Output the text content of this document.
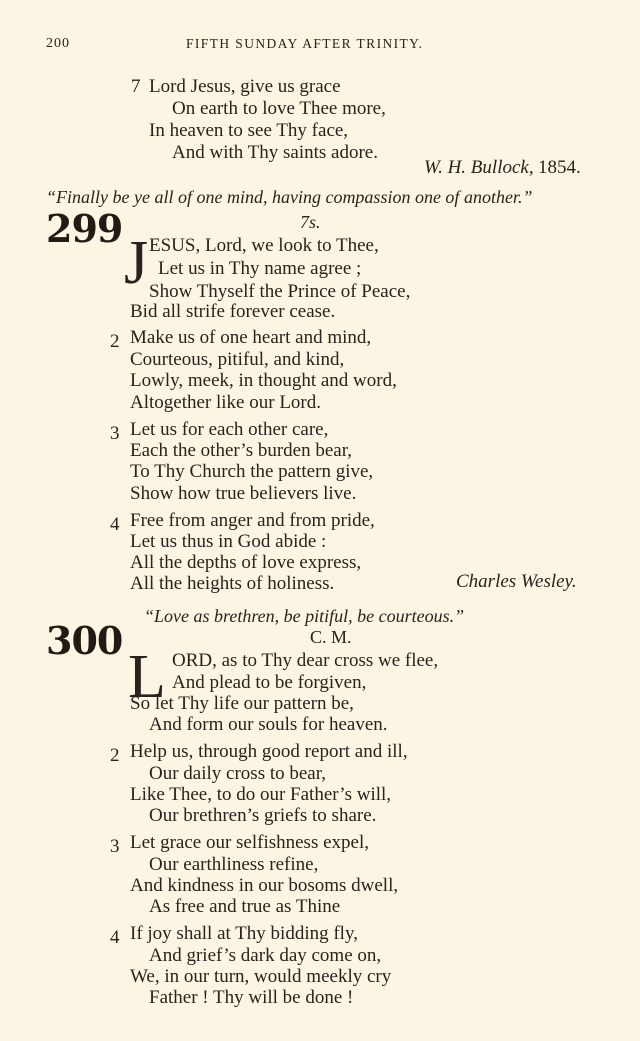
200	FIFTH SUNDAY AFTER TRINITY.
7 Lord Jesus, give us grace
On earth to love Thee more,
In heaven to see Thy face,
And with Thy saints adore.
W. H. Bullock, 1854.
“Finally be ye all of one mind, having compassion one of another.”
299	7s.
J ESUS, Lord, we look to Thee,
Let us in Thy name agree ;
Show Thyself the Prince of Peace,
Bid all strife forever cease.
2 Make us of one heart and mind,
Courteous, pitiful, and kind,
Lowly, meek, in thought and word,
Altogether like our Lord.
3 Let us for each other care,
Each the other’s burden bear,
To Thy Church the pattern give,
Show how true believers live.
4 Free from anger and from pride,
Let us thus in God abide :
All the depths of love express,
All the heights of holiness.	Charles Wesley.
“Love as brethren, be pitiful, be courteous.”
300	C. M.
L ORD, as to Thy dear cross we flee,
And plead to be forgiven,
So let Thy life our pattern be,
And form our souls for heaven.
2 Help us, through good report and ill,
Our daily cross to bear,
Like Thee, to do our Father’s will,
Our brethren’s griefs to share.
3 Let grace our selfishness expel,
Our earthliness refine,
And kindness in our bosoms dwell,
As free and true as Thine
4 If joy shall at Thy bidding fly,
And grief’s dark day come on,
We, in our turn, would meekly cry
Father ! Thy will be done !
